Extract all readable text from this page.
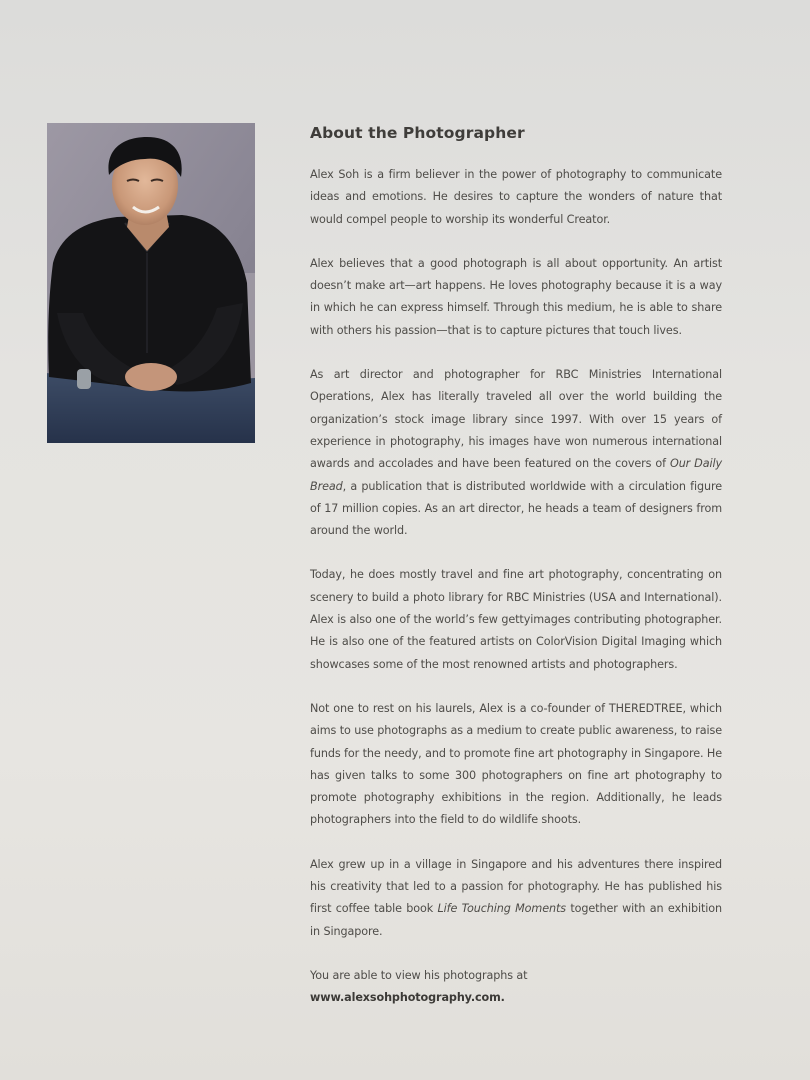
About the Photographer

Alex Soh is a firm believer in the power of photography to communicate ideas and emotions. He desires to capture the wonders of nature that would compel people to worship its wonderful Creator.

Alex believes that a good photograph is all about opportunity. An artist doesn’t make art—art happens. He loves photography because it is a way in which he can express himself. Through this medium, he is able to share with others his passion—that is to capture pictures that touch lives.

As art director and photographer for RBC Ministries International Operations, Alex has literally traveled all over the world building the organization’s stock image library since 1997. With over 15 years of experience in photography, his images have won numerous international awards and accolades and have been featured on the covers of Our Daily Bread, a publication that is distributed worldwide with a circulation figure of 17 million copies. As an art director, he heads a team of designers from around the world.

Today, he does mostly travel and fine art photography, concentrating on scenery to build a photo library for RBC Ministries (USA and International). Alex is also one of the world’s few gettyimages contributing photographer. He is also one of the featured artists on ColorVision Digital Imaging which showcases some of the most renowned artists and photographers.

Not one to rest on his laurels, Alex is a co-founder of THEREDTREE, which aims to use photographs as a medium to create public awareness, to raise funds for the needy, and to promote fine art photography in Singapore. He has given talks to some 300 photographers on fine art photography to promote photography exhibitions in the region. Additionally, he leads photographers into the field to do wildlife shoots.

Alex grew up in a village in Singapore and his adventures there inspired his creativity that led to a passion for photography. He has published his first coffee table book Life Touching Moments together with an exhibition in Singapore.

You are able to view his photographs at www.alexsohphotography.com.
